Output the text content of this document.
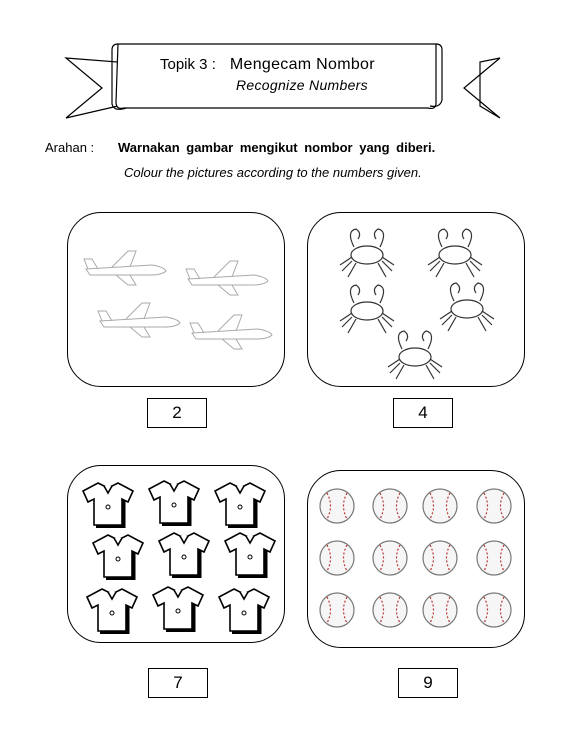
Topik 3 : Mengecam Nombor
Recognize Numbers
Arahan : Warnakan gambar mengikut nombor yang diberi.
Colour the pictures according to the numbers given.
2	4
7	9
